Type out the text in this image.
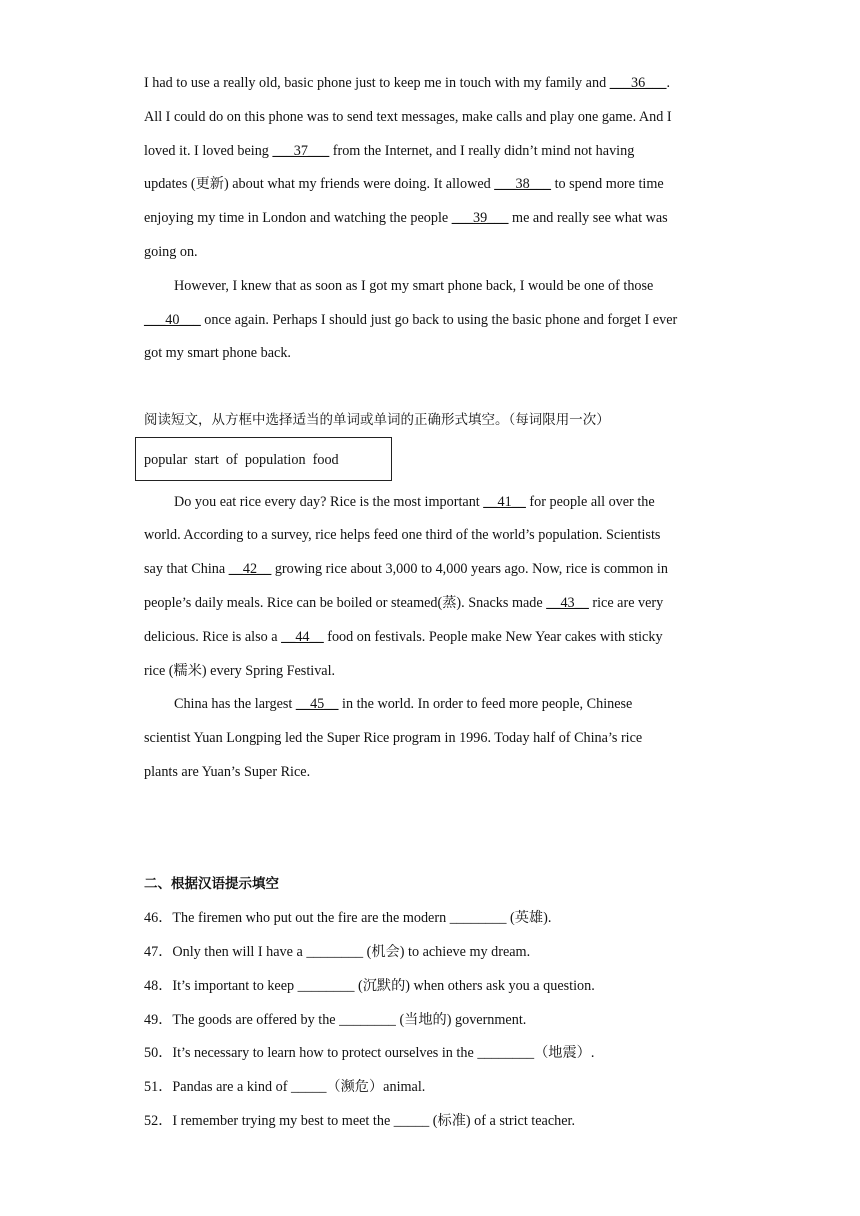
I had to use a really old, basic phone just to keep me in touch with my family and ___36___.
All I could do on this phone was to send text messages, make calls and play one game. And I
loved it. I loved being ___37___ from the Internet, and I really didn’t mind not having
updates (更新) about what my friends were doing. It allowed ___38___ to spend more time
enjoying my time in London and watching the people ___39___ me and really see what was
going on.
However, I knew that as soon as I got my smart phone back, I would be one of those
___40___ once again. Perhaps I should just go back to using the basic phone and forget I ever
got my smart phone back.
阅读短文，从方框中选择适当的单词或单词的正确形式填空。（每词限用一次）
popular  start  of  population  food
Do you eat rice every day? Rice is the most important __41__ for people all over the
world. According to a survey, rice helps feed one third of the world’s population. Scientists
say that China __42__ growing rice about 3,000 to 4,000 years ago. Now, rice is common in
people’s daily meals. Rice can be boiled or steamed(蒸). Snacks made __43__ rice are very
delicious. Rice is also a __44__ food on festivals. People make New Year cakes with sticky
rice (糯米) every Spring Festival.
China has the largest __45__ in the world. In order to feed more people, Chinese
scientist Yuan Longping led the Super Rice program in 1996. Today half of China’s rice
plants are Yuan’s Super Rice.
二、根据汉语提示填空
46．The firemen who put out the fire are the modern ________ (英雄).
47．Only then will I have a ________ (机会) to achieve my dream.
48．It’s important to keep ________ (沉默的) when others ask you a question.
49．The goods are offered by the ________ (当地的) government.
50．It’s necessary to learn how to protect ourselves in the ________（地震）.
51．Pandas are a kind of _____（濒危）animal.
52．I remember trying my best to meet the _____ (标准) of a strict teacher.
